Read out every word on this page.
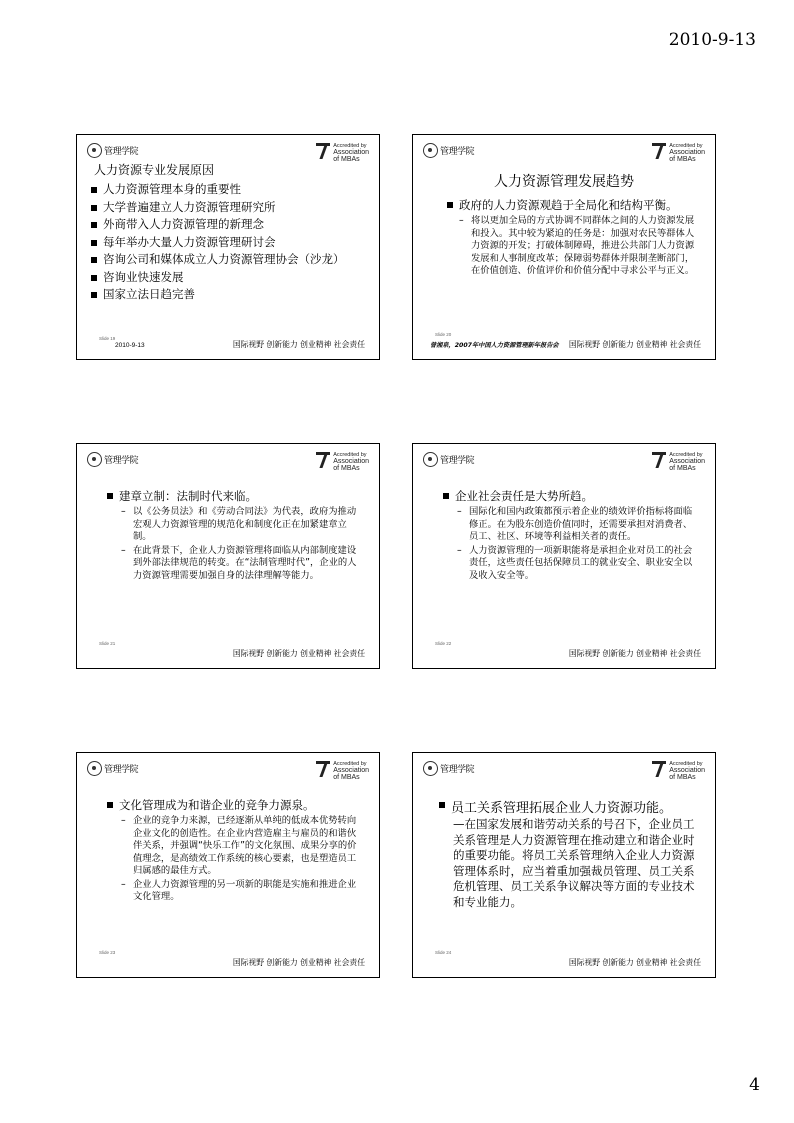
2010-9-13
管理学院
Accredited by
Association
of MBAs
人力资源专业发展原因
人力资源管理本身的重要性
大学普遍建立人力资源管理研究所
外商带入人力资源管理的新理念
每年举办大量人力资源管理研讨会
咨询公司和媒体成立人力资源管理协会（沙龙）
咨询业快速发展
国家立法日趋完善
Slide 19
2010-9-13	国际视野 创新能力 创业精神 社会责任
管理学院
Accredited by
Association
of MBAs
人力资源管理发展趋势
政府的人力资源观趋于全局化和结构平衡。
– 将以更加全局的方式协调不同群体之间的人力资源发展和投入。其中较为紧迫的任务是：加强对农民等群体人力资源的开发；打破体制障碍，推进公共部门人力资源发展和人事制度改革；保障弱势群体并限制垄断部门，在价值创造、价值评价和价值分配中寻求公平与正义。
Slide 20
曾湘泉，2007年中国人力资源管理新年报告会 国际视野 创新能力 创业精神 社会责任
管理学院
Accredited by
Association
of MBAs
建章立制：法制时代来临。
– 以《公务员法》和《劳动合同法》为代表，政府为推动宏观人力资源管理的规范化和制度化正在加紧建章立制。
– 在此背景下，企业人力资源管理将面临从内部制度建设到外部法律规范的转变。在“法制管理时代”，企业的人力资源管理需要加强自身的法律理解等能力。
Slide 21
国际视野 创新能力 创业精神 社会责任
管理学院
Accredited by
Association
of MBAs
企业社会责任是大势所趋。
– 国际化和国内政策都预示着企业的绩效评价指标将面临修正。在为股东创造价值同时，还需要承担对消费者、员工、社区、环境等利益相关者的责任。
– 人力资源管理的一项新职能将是承担企业对员工的社会责任，这些责任包括保障员工的就业安全、职业安全以及收入安全等。
Slide 22
国际视野 创新能力 创业精神 社会责任
管理学院
Accredited by
Association
of MBAs
文化管理成为和谐企业的竞争力源泉。
– 企业的竞争力来源，已经逐渐从单纯的低成本优势转向企业文化的创造性。在企业内营造雇主与雇员的和谐伙伴关系，并强调“快乐工作”的文化氛围、成果分享的价值理念，是高绩效工作系统的核心要素，也是塑造员工归属感的最佳方式。
– 企业人力资源管理的另一项新的职能是实施和推进企业文化管理。
Slide 23
国际视野 创新能力 创业精神 社会责任
管理学院
Accredited by
Association
of MBAs
员工关系管理拓展企业人力资源功能。
—在国家发展和谐劳动关系的号召下，企业员工关系管理是人力资源管理在推动建立和谐企业时的重要功能。将员工关系管理纳入企业人力资源管理体系时，应当着重加强裁员管理、员工关系危机管理、员工关系争议解决等方面的专业技术和专业能力。
Slide 24
国际视野 创新能力 创业精神 社会责任
4
